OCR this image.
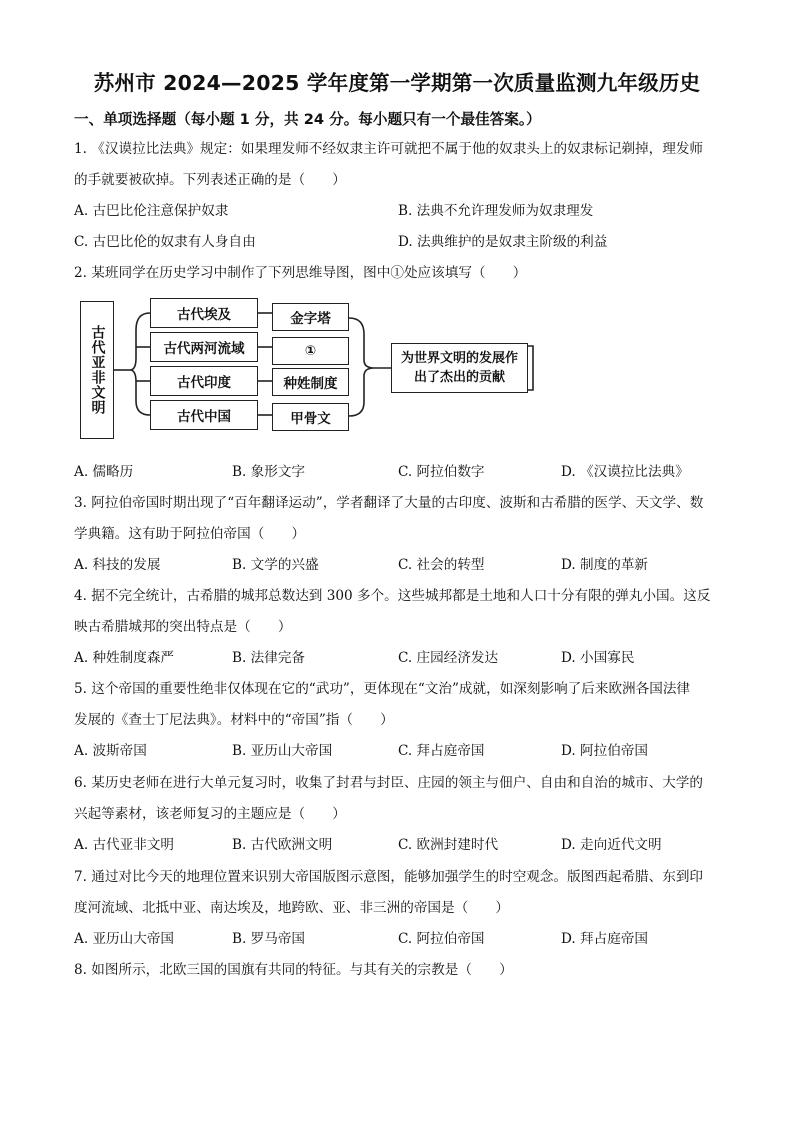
苏州市 2024—2025 学年度第一学期第一次质量监测九年级历史
一、单项选择题（每小题 1 分，共 24 分。每小题只有一个最佳答案。）
1. 《汉谟拉比法典》规定：如果理发师不经奴隶主许可就把不属于他的奴隶头上的奴隶标记剃掉，理发师
的手就要被砍掉。下列表述正确的是（　　）
A. 古巴比伦注意保护奴隶	B. 法典不允许理发师为奴隶理发
C. 古巴比伦的奴隶有人身自由	D. 法典维护的是奴隶主阶级的利益
2. 某班同学在历史学习中制作了下列思维导图，图中①处应该填写（　　）
古代亚非文明
古代埃及
古代两河流域
古代印度
古代中国
金字塔
①
种姓制度
甲骨文
为世界文明的发展作出了杰出的贡献
A. 儒略历	B. 象形文字	C. 阿拉伯数字	D. 《汉谟拉比法典》
3. 阿拉伯帝国时期出现了“百年翻译运动”，学者翻译了大量的古印度、波斯和古希腊的医学、天文学、数
学典籍。这有助于阿拉伯帝国（　　）
A. 科技的发展	B. 文学的兴盛	C. 社会的转型	D. 制度的革新
4. 据不完全统计，古希腊的城邦总数达到 300 多个。这些城邦都是土地和人口十分有限的弹丸小国。这反
映古希腊城邦的突出特点是（　　）
A. 种姓制度森严	B. 法律完备	C. 庄园经济发达	D. 小国寡民
5. 这个帝国的重要性绝非仅体现在它的“武功”，更体现在“文治”成就，如深刻影响了后来欧洲各国法律
发展的《查士丁尼法典》。材料中的“帝国”指（　　）
A. 波斯帝国	B. 亚历山大帝国	C. 拜占庭帝国	D. 阿拉伯帝国
6. 某历史老师在进行大单元复习时，收集了封君与封臣、庄园的领主与佃户、自由和自治的城市、大学的
兴起等素材，该老师复习的主题应是（　　）
A. 古代亚非文明	B. 古代欧洲文明	C. 欧洲封建时代	D. 走向近代文明
7. 通过对比今天的地理位置来识别大帝国版图示意图，能够加强学生的时空观念。版图西起希腊、东到印
度河流域、北抵中亚、南达埃及，地跨欧、亚、非三洲的帝国是（　　）
A. 亚历山大帝国	B. 罗马帝国	C. 阿拉伯帝国	D. 拜占庭帝国
8. 如图所示，北欧三国的国旗有共同的特征。与其有关的宗教是（　　）
